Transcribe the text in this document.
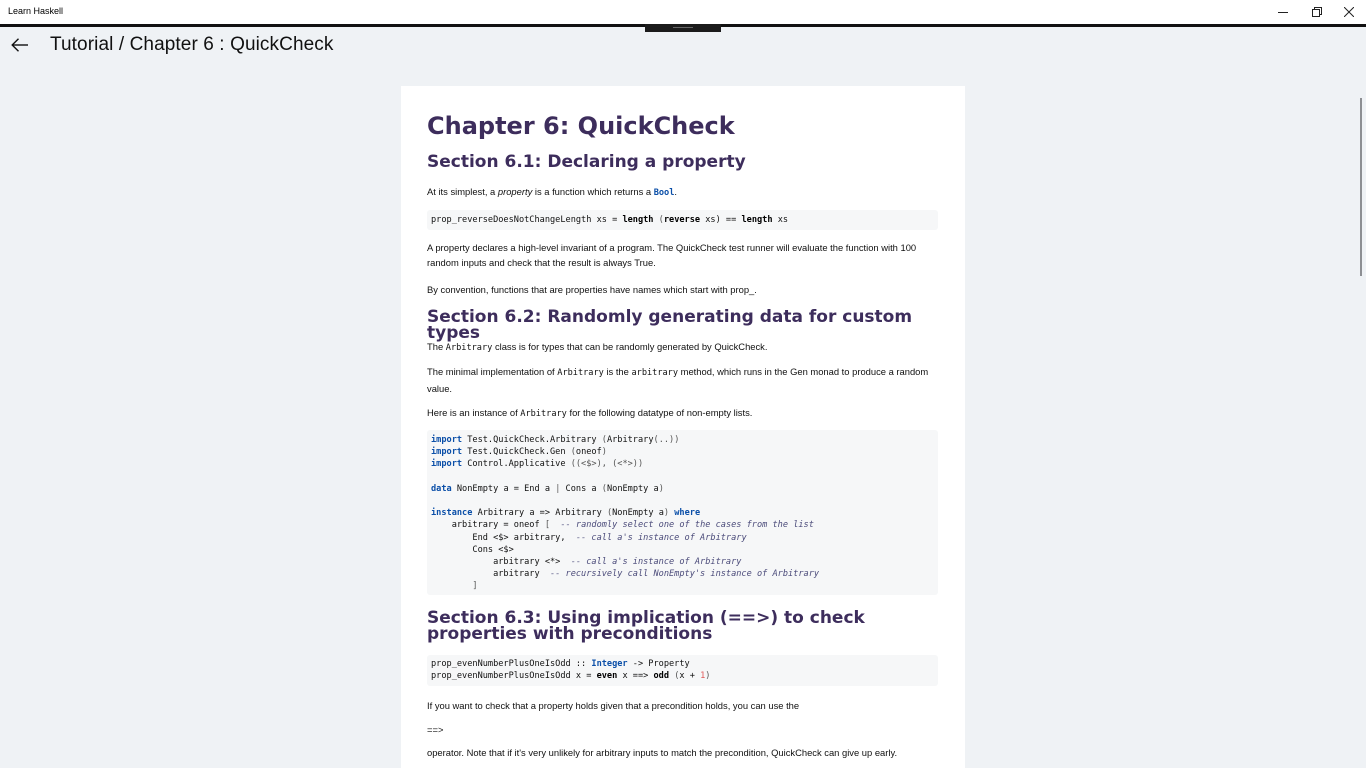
Learn Haskell
Tutorial / Chapter 6 : QuickCheck
Chapter 6: QuickCheck
Section 6.1: Declaring a property

At its simplest, a property is a function which returns a Bool.

prop_reverseDoesNotChangeLength xs = length (reverse xs) == length xs

A property declares a high-level invariant of a program. The QuickCheck test runner will evaluate the function with 100 random inputs and check that the result is always True.

By convention, functions that are properties have names which start with prop_.

Section 6.2: Randomly generating data for custom types

The Arbitrary class is for types that can be randomly generated by QuickCheck.

The minimal implementation of Arbitrary is the arbitrary method, which runs in the Gen monad to produce a random value.

Here is an instance of Arbitrary for the following datatype of non-empty lists.

import Test.QuickCheck.Arbitrary (Arbitrary(..))
import Test.QuickCheck.Gen (oneof)
import Control.Applicative ((<$>), (<*>))

data NonEmpty a = End a | Cons a (NonEmpty a)

instance Arbitrary a => Arbitrary (NonEmpty a) where
arbitrary = oneof [ -- randomly select one of the cases from the list
End <$> arbitrary,  -- call a's instance of Arbitrary
Cons <$>
arbitrary <*>  -- call a's instance of Arbitrary
arbitrary  -- recursively call NonEmpty's instance of Arbitrary
]
Section 6.3: Using implication (==>) to check properties with preconditions
prop_evenNumberPlusOneIsOdd :: Integer -> Property
prop_evenNumberPlusOneIsOdd x = even x ==> odd (x + 1)

If you want to check that a property holds given that a precondition holds, you can use the

==>

operator. Note that if it's very unlikely for arbitrary inputs to match the precondition, QuickCheck can give up early.
